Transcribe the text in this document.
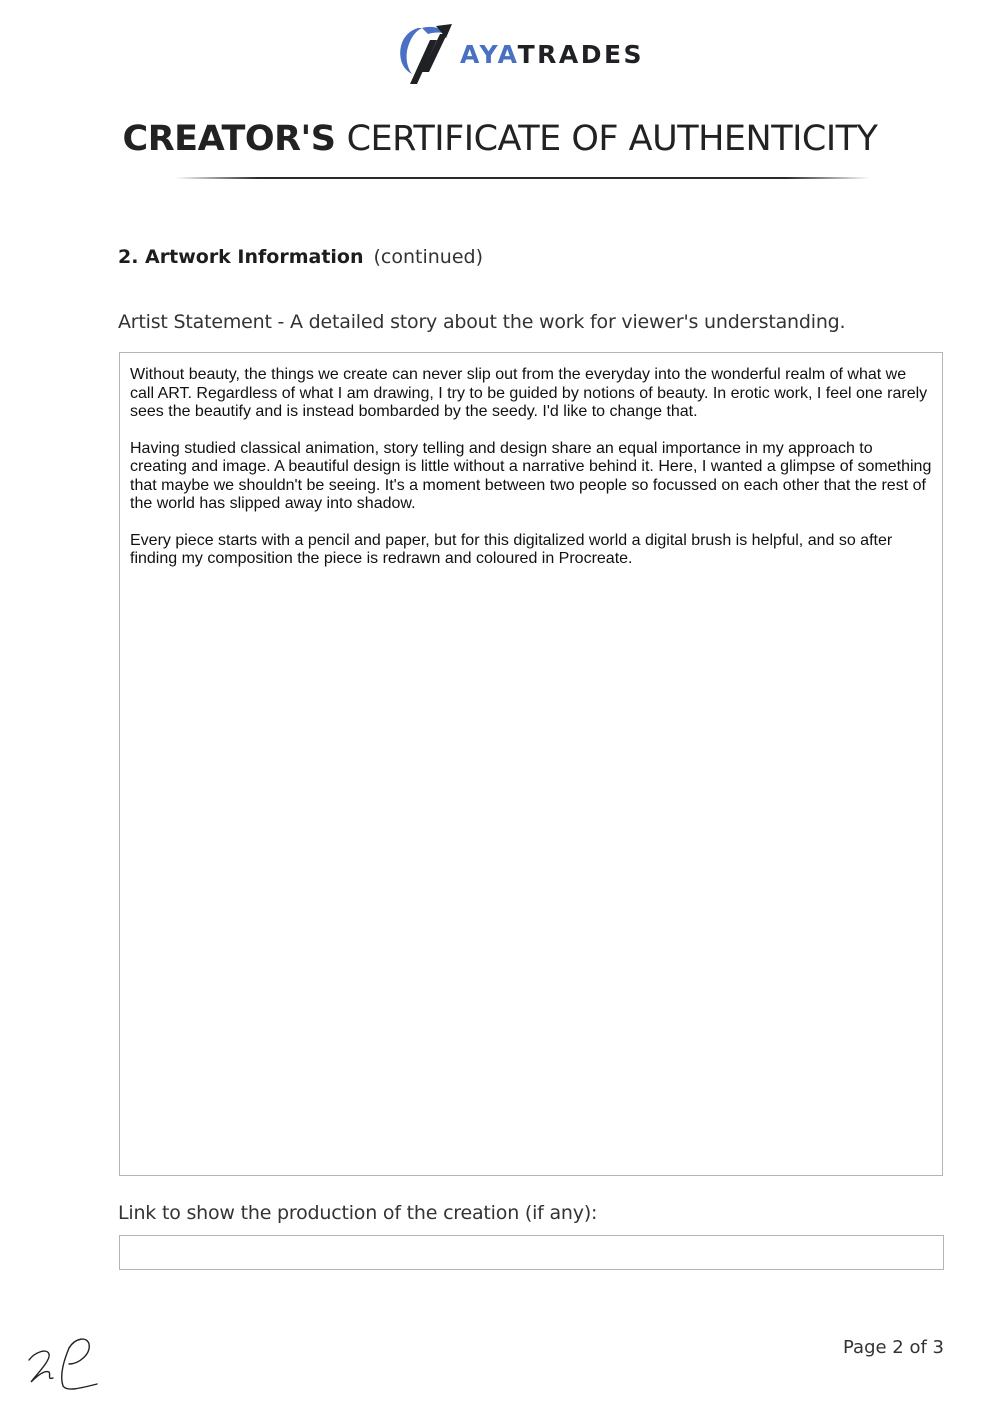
AYATRADES
CREATOR'S CERTIFICATE OF AUTHENTICITY
2. Artwork Information (continued)
Artist Statement - A detailed story about the work for viewer's understanding.

Without beauty, the things we create can never slip out from the everyday into the wonderful realm of what we call ART. Regardless of what I am drawing, I try to be guided by notions of beauty. In erotic work, I feel one rarely sees the beautify and is instead bombarded by the seedy. I'd like to change that.

Having studied classical animation, story telling and design share an equal importance in my approach to creating and image. A beautiful design is little without a narrative behind it. Here, I wanted a glimpse of something that maybe we shouldn't be seeing. It's a moment between two people so focussed on each other that the rest of the world has slipped away into shadow.

Every piece starts with a pencil and paper, but for this digitalized world a digital brush is helpful, and so after finding my composition the piece is redrawn and coloured in Procreate.

Link to show the production of the creation (if any):
Page 2 of 3
